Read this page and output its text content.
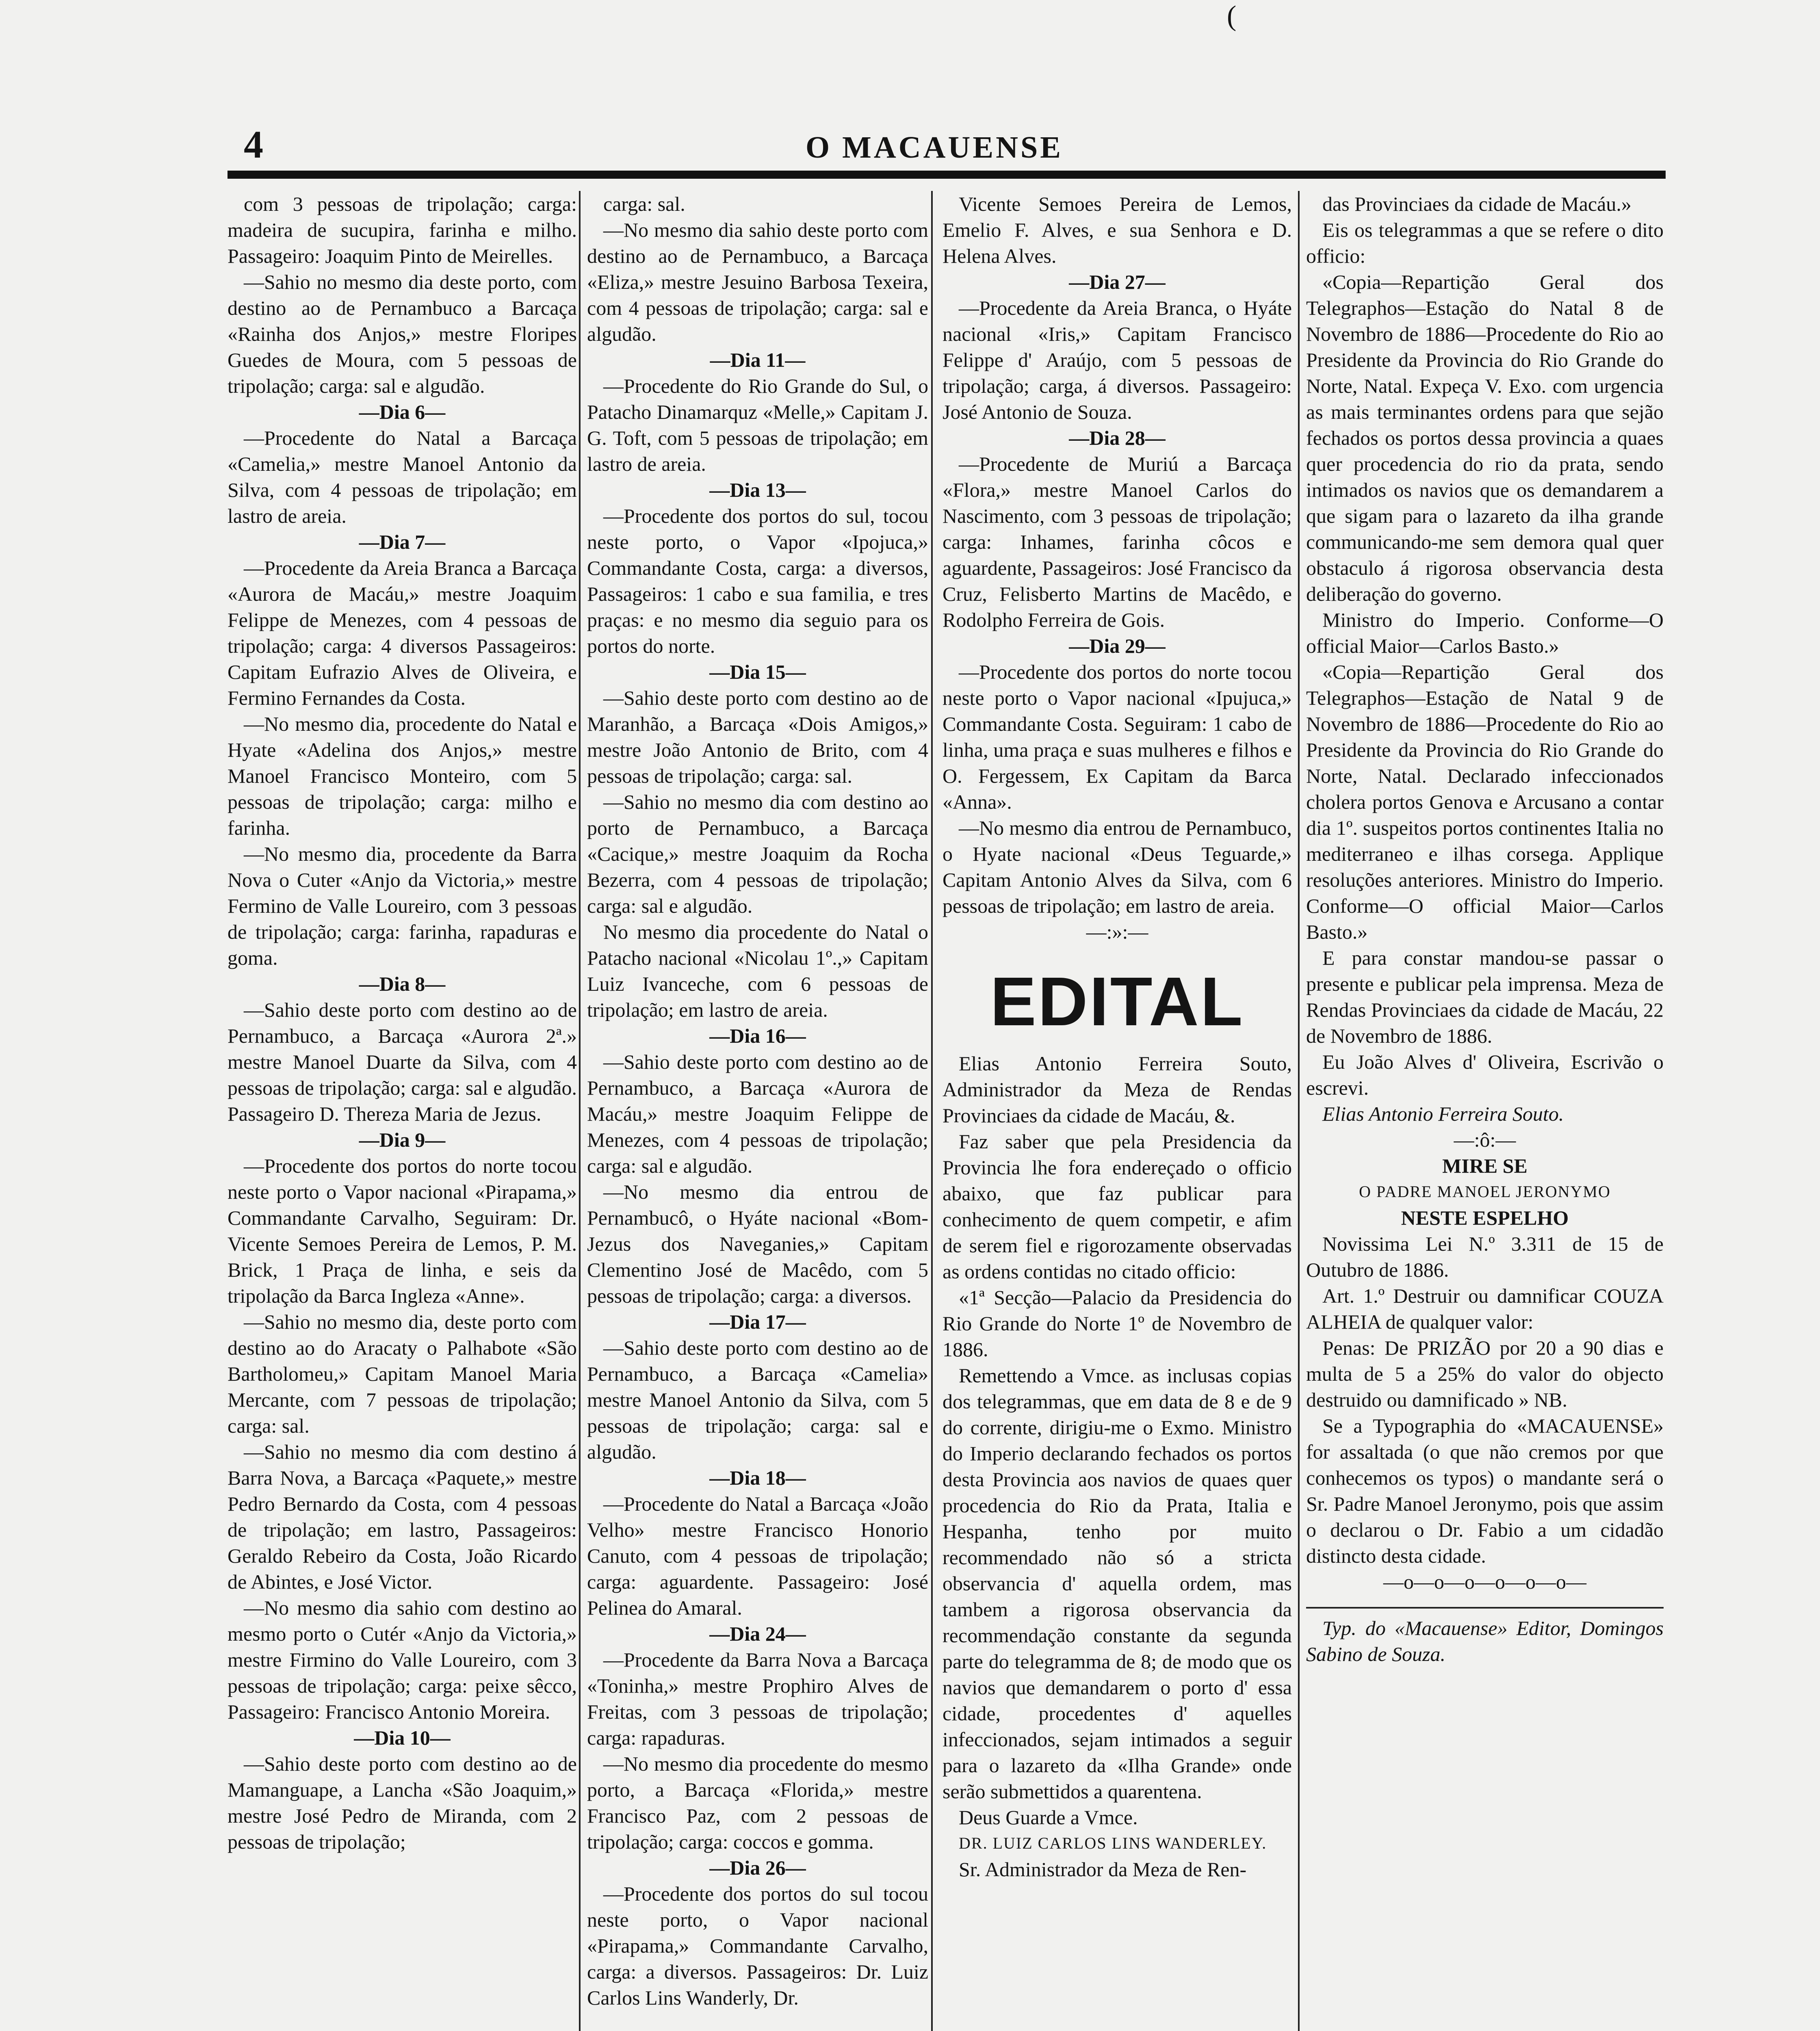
(
4	O MACAUENSE

com 3 pessoas de tripolação; carga: madeira de sucupira, farinha e milho. Passageiro: Joaquim Pinto de Meirelles.

—Sahio no mesmo dia deste porto, com destino ao de Pernambuco a Barcaça «Rainha dos Anjos,» mestre Floripes Guedes de Moura, com 5 pessoas de tripolação; carga: sal e algudão.

—Dia 6—

—Procedente do Natal a Barcaça «Camelia,» mestre Manoel Antonio da Silva, com 4 pessoas de tripolação; em lastro de areia.

—Dia 7—

—Procedente da Areia Branca a Barcaça «Aurora de Macáu,» mestre Joaquim Felippe de Menezes, com 4 pessoas de tripolação; carga: 4 diversos Passageiros: Capitam Eufrazio Alves de Oliveira, e Fermino Fernandes da Costa.

—No mesmo dia, procedente do Natal e Hyate «Adelina dos Anjos,» mestre Manoel Francisco Monteiro, com 5 pessoas de tripolação; carga: milho e farinha.

—No mesmo dia, procedente da Barra Nova o Cuter «Anjo da Victoria,» mestre Fermino de Valle Loureiro, com 3 pessoas de tripolação; carga: farinha, rapaduras e goma.

—Dia 8—

—Sahio deste porto com destino ao de Pernambuco, a Barcaça «Aurora 2ª.» mestre Manoel Duarte da Silva, com 4 pessoas de tripolação; carga: sal e algudão. Passageiro D. Thereza Maria de Jezus.

—Dia 9—

—Procedente dos portos do norte tocou neste porto o Vapor nacional «Pirapama,» Commandante Carvalho, Seguiram: Dr. Vicente Semoes Pereira de Lemos, P. M. Brick, 1 Praça de linha, e seis da tripolação da Barca Ingleza «Anne».

—Sahio no mesmo dia, deste porto com destino ao do Aracaty o Palhabote «São Bartholomeu,» Capitam Manoel Maria Mercante, com 7 pessoas de tripolação; carga: sal.

—Sahio no mesmo dia com destino á Barra Nova, a Barcaça «Paquete,» mestre Pedro Bernardo da Costa, com 4 pessoas de tripolação; em lastro, Passageiros: Geraldo Rebeiro da Costa, João Ricardo de Abintes, e José Victor.

—No mesmo dia sahio com destino ao mesmo porto o Cutér «Anjo da Victoria,» mestre Firmino do Valle Loureiro, com 3 pessoas de tripolação; carga: peixe sêcco, Passageiro: Francisco Antonio Moreira.

—Dia 10—

—Sahio deste porto com destino ao de Mamanguape, a Lancha «São Joaquim,» mestre José Pedro de Miranda, com 2 pessoas de tripolação;

carga: sal.

—No mesmo dia sahio deste porto com destino ao de Pernambuco, a Barcaça «Eliza,» mestre Jesuino Barbosa Texeira, com 4 pessoas de tripolação; carga: sal e algudão.

—Dia 11—

—Procedente do Rio Grande do Sul, o Patacho Dinamarquz «Melle,» Capitam J. G. Toft, com 5 pessoas de tripolação; em lastro de areia.

—Dia 13—

—Procedente dos portos do sul, tocou neste porto, o Vapor «Ipojuca,» Commandante Costa, carga: a diversos, Passageiros: 1 cabo e sua familia, e tres praças: e no mesmo dia seguio para os portos do norte.

—Dia 15—

—Sahio deste porto com destino ao de Maranhão, a Barcaça «Dois Amigos,» mestre João Antonio de Brito, com 4 pessoas de tripolação; carga: sal.

—Sahio no mesmo dia com destino ao porto de Pernambuco, a Barcaça «Cacique,» mestre Joaquim da Rocha Bezerra, com 4 pessoas de tripolação; carga: sal e algudão.

No mesmo dia procedente do Natal o Patacho nacional «Nicolau 1º.,» Capitam Luiz Ivanceche, com 6 pessoas de tripolação; em lastro de areia.

—Dia 16—

—Sahio deste porto com destino ao de Pernambuco, a Barcaça «Aurora de Macáu,» mestre Joaquim Felippe de Menezes, com 4 pessoas de tripolação; carga: sal e algudão.

—No mesmo dia entrou de Pernambucô, o Hyáte nacional «Bom-Jezus dos Naveganies,» Capitam Clementino José de Macêdo, com 5 pessoas de tripolação; carga: a diversos.

—Dia 17—

—Sahio deste porto com destino ao de Pernambuco, a Barcaça «Camelia» mestre Manoel Antonio da Silva, com 5 pessoas de tripolação; carga: sal e algudão.

—Dia 18—

—Procedente do Natal a Barcaça «João Velho» mestre Francisco Honorio Canuto, com 4 pessoas de tripolação; carga: aguardente. Passageiro: José Pelinea do Amaral.

—Dia 24—

—Procedente da Barra Nova a Barcaça «Toninha,» mestre Prophiro Alves de Freitas, com 3 pessoas de tripolação; carga: rapaduras.

—No mesmo dia procedente do mesmo porto, a Barcaça «Florida,» mestre Francisco Paz, com 2 pessoas de tripolação; carga: coccos e gomma.

—Dia 26—

—Procedente dos portos do sul tocou neste porto, o Vapor nacional «Pirapama,» Commandante Carvalho, carga: a diversos. Passageiros: Dr. Luiz Carlos Lins Wanderly, Dr.

Vicente Semoes Pereira de Lemos, Emelio F. Alves, e sua Senhora e D. Helena Alves.

—Dia 27—

—Procedente da Areia Branca, o Hyáte nacional «Iris,» Capitam Francisco Felippe d' Araújo, com 5 pessoas de tripolação; carga, á diversos. Passageiro: José Antonio de Souza.

—Dia 28—

—Procedente de Muriú a Barcaça «Flora,» mestre Manoel Carlos do Nascimento, com 3 pessoas de tripolação; carga: Inhames, farinha côcos e aguardente, Passageiros: José Francisco da Cruz, Felisberto Martins de Macêdo, e Rodolpho Ferreira de Gois.

—Dia 29—

—Procedente dos portos do norte tocou neste porto o Vapor nacional «Ipujuca,» Commandante Costa. Seguiram: 1 cabo de linha, uma praça e suas mulheres e filhos e O. Fergessem, Ex Capitam da Barca «Anna».

—No mesmo dia entrou de Pernambuco, o Hyate nacional «Deus Teguarde,» Capitam Antonio Alves da Silva, com 6 pessoas de tripolação; em lastro de areia.

—:»:—

EDITAL

Elias Antonio Ferreira Souto, Administrador da Meza de Rendas Provinciaes da cidade de Macáu, &.

Faz saber que pela Presidencia da Provincia lhe fora endereçado o officio abaixo, que faz publicar para conhecimento de quem competir, e afim de serem fiel e rigorozamente observadas as ordens contidas no citado officio:

«1ª Secção—Palacio da Presidencia do Rio Grande do Norte 1º de Novembro de 1886.

Remettendo a Vmce. as inclusas copias dos telegrammas, que em data de 8 e de 9 do corrente, dirigiu-me o Exmo. Ministro do Imperio declarando fechados os portos desta Provincia aos navios de quaes quer procedencia do Rio da Prata, Italia e Hespanha, tenho por muito recommendado não só a stricta observancia d' aquella ordem, mas tambem a rigorosa observancia da recommendação constante da segunda parte do telegramma de 8; de modo que os navios que demandarem o porto d' essa cidade, procedentes d' aquelles infeccionados, sejam intimados a seguir para o lazareto da «Ilha Grande» onde serão submettidos a quarentena.

Deus Guarde a Vmce.

DR. LUIZ CARLOS LINS WANDERLEY.

Sr. Administrador da Meza de Ren-

das Provinciaes da cidade de Macáu.»

Eis os telegrammas a que se refere o dito officio:

«Copia—Repartição Geral dos Telegraphos—Estação do Natal 8 de Novembro de 1886—Procedente do Rio ao Presidente da Provincia do Rio Grande do Norte, Natal. Expeça V. Exo. com urgencia as mais terminantes ordens para que sejão fechados os portos dessa provincia a quaes quer procedencia do rio da prata, sendo intimados os navios que os demandarem a que sigam para o lazareto da ilha grande communicando-me sem demora qual quer obstaculo á rigorosa observancia desta deliberação do governo.

Ministro do Imperio. Conforme—O official Maior—Carlos Basto.»

«Copia—Repartição Geral dos Telegraphos—Estação de Natal 9 de Novembro de 1886—Procedente do Rio ao Presidente da Provincia do Rio Grande do Norte, Natal. Declarado infeccionados cholera portos Genova e Arcusano a contar dia 1º. suspeitos portos continentes Italia no mediterraneo e ilhas corsega. Applique resoluções anteriores. Ministro do Imperio. Conforme—O official Maior—Carlos Basto.»

E para constar mandou-se passar o presente e publicar pela imprensa. Meza de Rendas Provinciaes da cidade de Macáu, 22 de Novembro de 1886.

Eu João Alves d' Oliveira, Escrivão o escrevi.

Elias Antonio Ferreira Souto.

—:ô:—

MIRE SE

O PADRE MANOEL JERONYMO

NESTE ESPELHO

Novissima Lei N.º 3.311 de 15 de Outubro de 1886.

Art. 1.º Destruir ou damnificar COUZA ALHEIA de qualquer valor:

Penas: De PRIZÃO por 20 a 90 dias e multa de 5 a 25% do valor do objecto destruido ou damnificado » NB.

Se a Typographia do «MACAUENSE» for assaltada (o que não cremos por que conhecemos os typos) o mandante será o Sr. Padre Manoel Jeronymo, pois que assim o declarou o Dr. Fabio a um cidadão distincto desta cidade.

—o—o—o—o—o—o—

Typ. do «Macauense» Editor, Domingos Sabino de Souza.
